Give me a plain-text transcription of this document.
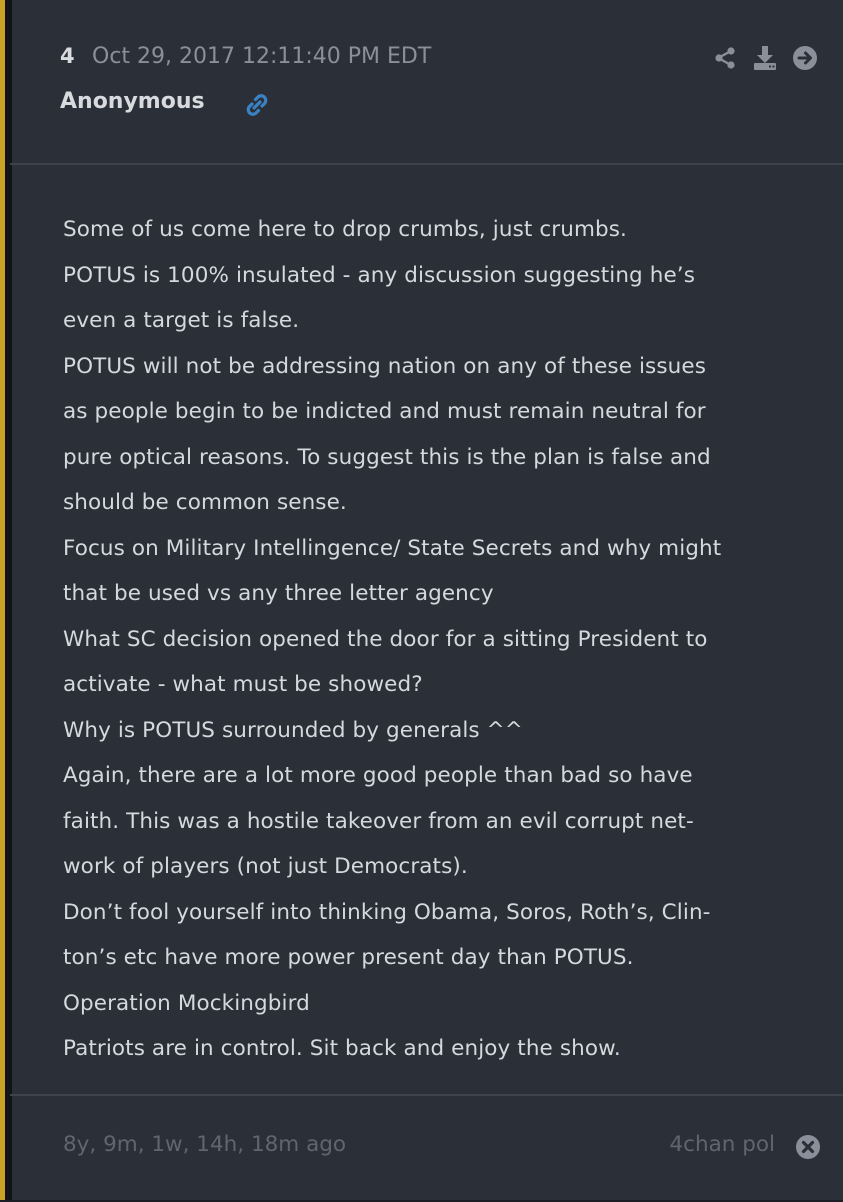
4 Oct 29, 2017 12:11:40 PM EDT
Anonymous
Some of us come here to drop crumbs, just crumbs.
POTUS is 100% insulated - any discussion suggesting he’s
even a target is false.
POTUS will not be addressing nation on any of these issues
as people begin to be indicted and must remain neutral for
pure optical reasons. To suggest this is the plan is false and
should be common sense.
Focus on Military Intellingence/ State Secrets and why might
that be used vs any three letter agency
What SC decision opened the door for a sitting President to
activate - what must be showed?
Why is POTUS surrounded by generals ^^
Again, there are a lot more good people than bad so have
faith. This was a hostile takeover from an evil corrupt net-
work of players (not just Democrats).
Don’t fool yourself into thinking Obama, Soros, Roth’s, Clin-
ton’s etc have more power present day than POTUS.
Operation Mockingbird
Patriots are in control. Sit back and enjoy the show.
8y, 9m, 1w, 14h, 18m ago	4chan pol
